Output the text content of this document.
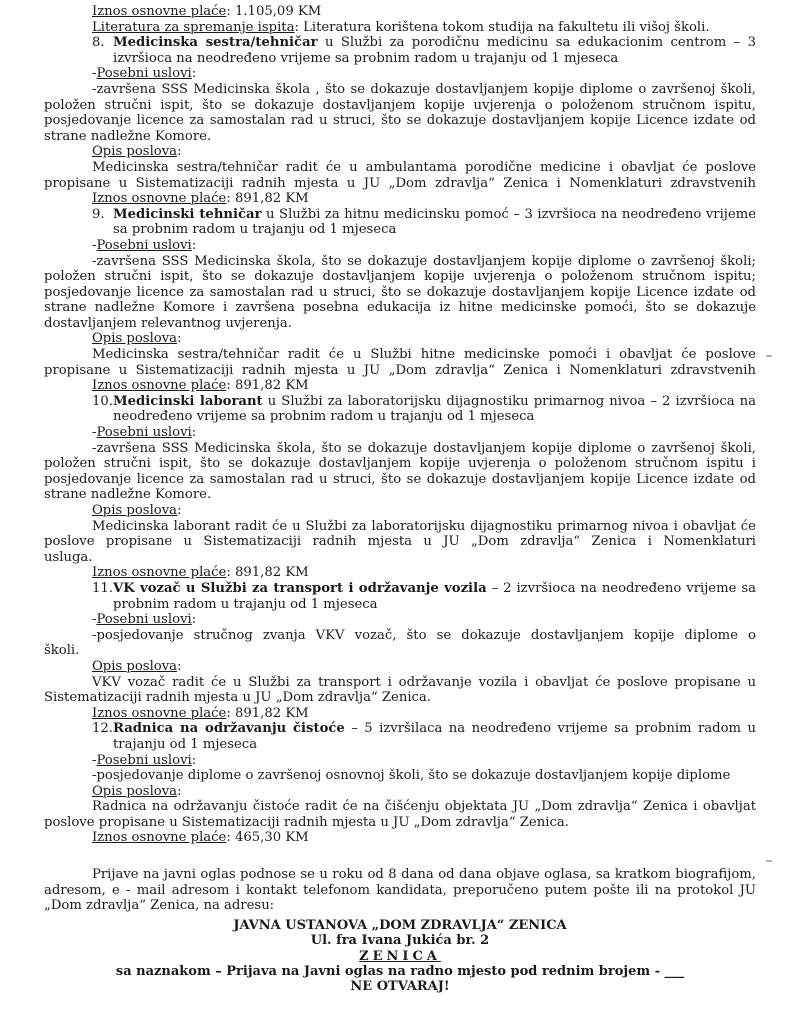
Iznos osnovne plaće: 1.105,09 KM
Literatura za spremanje ispita: Literatura korištena tokom studija na fakultetu ili višoj školi.
8. Medicinska sestra/tehničar u Službi za porodičnu medicinu sa edukacionim centrom – 3
izvršioca na neodređeno vrijeme sa probnim radom u trajanju od 1 mjeseca
-Posebni uslovi:
-završena SSS Medicinska škola , što se dokazuje dostavljanjem kopije diplome o završenoj školi,
položen stručni ispit, što se dokazuje dostavljanjem kopije uvjerenja o položenom stručnom ispitu,
posjedovanje licence za samostalan rad u struci, što se dokazuje dostavljanjem kopije Licence izdate od
strane nadležne Komore.
Opis poslova:
Medicinska sestra/tehničar radit će u ambulantama porodične medicine i obavljat će poslove
propisane u Sistematizaciji radnih mjesta u JU „Dom zdravlja“ Zenica i Nomenklaturi zdravstvenih
Iznos osnovne plaće: 891,82 KM
9. Medicinski tehničar u Službi za hitnu medicinsku pomoć – 3 izvršioca na neodređeno vrijeme
sa probnim radom u trajanju od 1 mjeseca
-Posebni uslovi:
-završena SSS Medicinska škola, što se dokazuje dostavljanjem kopije diplome o završenoj školi;
položen stručni ispit, što se dokazuje dostavljanjem kopije uvjerenja o položenom stručnom ispitu;
posjedovanje licence za samostalan rad u struci, što se dokazuje dostavljanjem kopije Licence izdate od
strane nadležne Komore i završena posebna edukacija iz hitne medicinske pomoći, što se dokazuje
dostavljanjem relevantnog uvjerenja.
Opis poslova:
Medicinska sestra/tehničar radit će u Službi hitne medicinske pomoći i obavljat će poslove
propisane u Sistematizaciji radnih mjesta u JU „Dom zdravlja“ Zenica i Nomenklaturi zdravstvenih
Iznos osnovne plaće: 891,82 KM
10. Medicinski laborant u Službi za laboratorijsku dijagnostiku primarnog nivoa – 2 izvršioca na
neodređeno vrijeme sa probnim radom u trajanju od 1 mjeseca
-Posebni uslovi:
-završena SSS Medicinska škola, što se dokazuje dostavljanjem kopije diplome o završenoj školi,
položen stručni ispit, što se dokazuje dostavljanjem kopije uvjerenja o položenom stručnom ispitu i
posjedovanje licence za samostalan rad u struci, što se dokazuje dostavljanjem kopije Licence izdate od
strane nadležne Komore.
Opis poslova:
Medicinska laborant radit će u Službi za laboratorijsku dijagnostiku primarnog nivoa i obavljat će
poslove propisane u Sistematizaciji radnih mjesta u JU „Dom zdravlja“ Zenica i Nomenklaturi
usluga.
Iznos osnovne plaće: 891,82 KM
11. VK vozač u Službi za transport i održavanje vozila – 2 izvršioca na neodređeno vrijeme sa
probnim radom u trajanju od 1 mjeseca
-Posebni uslovi:
-posjedovanje stručnog zvanja VKV vozač, što se dokazuje dostavljanjem kopije diplome o
školi.
Opis poslova:
VKV vozač radit će u Službi za transport i održavanje vozila i obavljat će poslove propisane u
Sistematizaciji radnih mjesta u JU „Dom zdravlja“ Zenica.
Iznos osnovne plaće: 891,82 KM
12. Radnica na održavanju čistoće – 5 izvršilaca na neodređeno vrijeme sa probnim radom u
trajanju od 1 mjeseca
-Posebni uslovi:
-posjedovanje diplome o završenoj osnovnoj školi, što se dokazuje dostavljanjem kopije diplome
Opis poslova:
Radnica na održavanju čistoće radit će na čišćenju objektata JU „Dom zdravlja“ Zenica i obavljat
poslove propisane u Sistematizaciji radnih mjesta u JU „Dom zdravlja“ Zenica.
Iznos osnovne plaće: 465,30 KM
Prijave na javni oglas podnose se u roku od 8 dana od dana objave oglasa, sa kratkom biografijom,
adresom, e - mail adresom i kontakt telefonom kandidata, preporučeno putem pošte ili na protokol JU
„Dom zdravlja“ Zenica, na adresu:
JAVNA USTANOVA „DOM ZDRAVLJA“ ZENICA
Ul. fra Ivana Jukića br. 2
ZENICA
sa naznakom – Prijava na Javni oglas na radno mjesto pod rednim brojem - ___
NE OTVARAJ!
